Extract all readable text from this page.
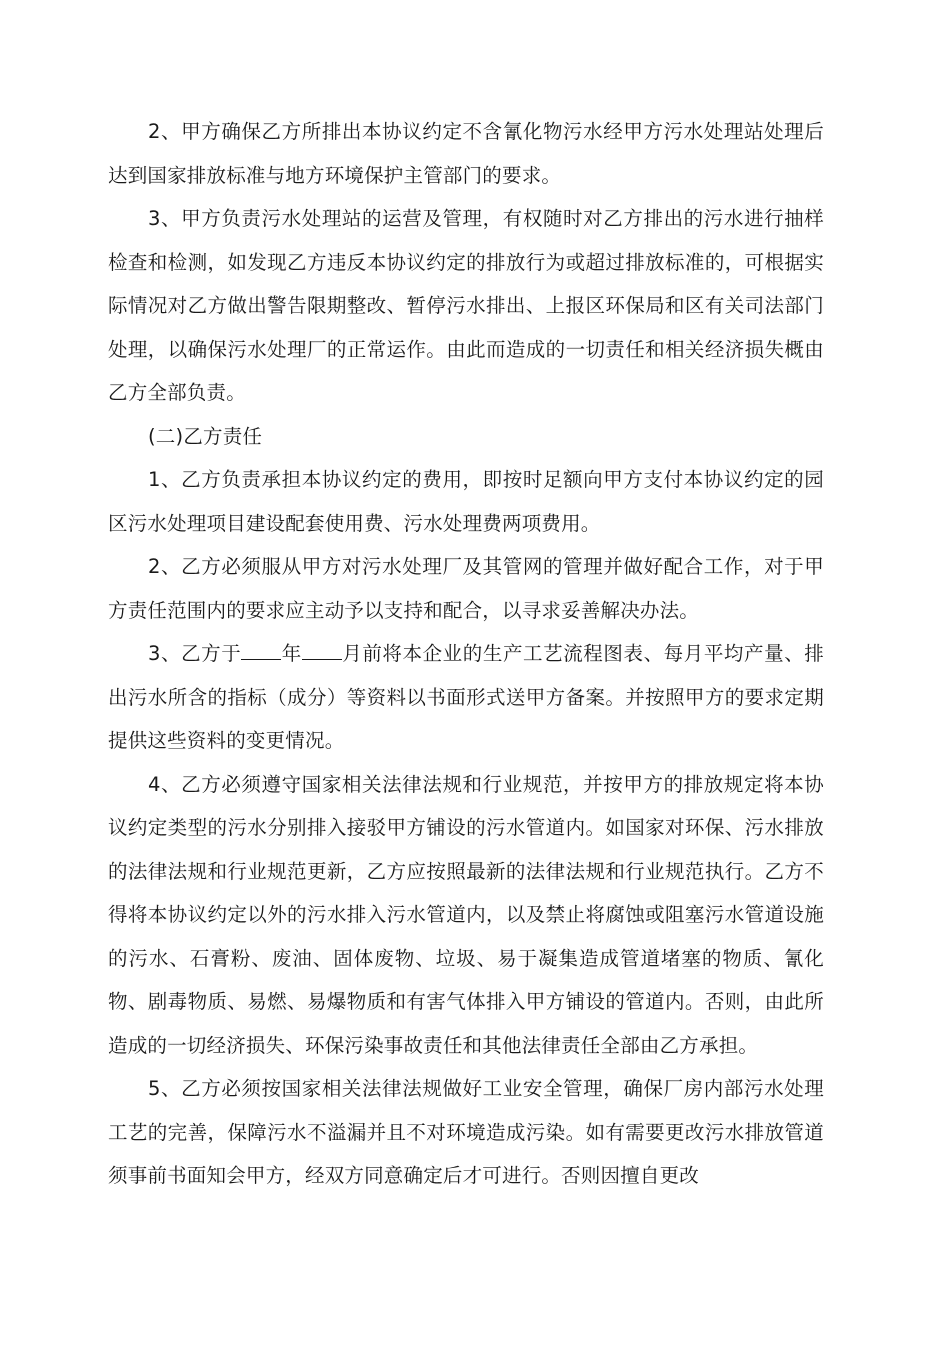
2、甲方确保乙方所排出本协议约定不含氰化物污水经甲方污水处理站处理后达到国家排放标准与地方环境保护主管部门的要求。

3、甲方负责污水处理站的运营及管理，有权随时对乙方排出的污水进行抽样检查和检测，如发现乙方违反本协议约定的排放行为或超过排放标准的，可根据实际情况对乙方做出警告限期整改、暂停污水排出、上报区环保局和区有关司法部门处理，以确保污水处理厂的正常运作。由此而造成的一切责任和相关经济损失概由乙方全部负责。

(二)乙方责任

1、乙方负责承担本协议约定的费用，即按时足额向甲方支付本协议约定的园区污水处理项目建设配套使用费、污水处理费两项费用。

2、乙方必须服从甲方对污水处理厂及其管网的管理并做好配合工作，对于甲方责任范围内的要求应主动予以支持和配合，以寻求妥善解决办法。

3、乙方于 年 月前将本企业的生产工艺流程图表、每月平均产量、排出污水所含的指标（成分）等资料以书面形式送甲方备案。并按照甲方的要求定期提供这些资料的变更情况。

4、乙方必须遵守国家相关法律法规和行业规范，并按甲方的排放规定将本协议约定类型的污水分别排入接驳甲方铺设的污水管道内。如国家对环保、污水排放的法律法规和行业规范更新，乙方应按照最新的法律法规和行业规范执行。乙方不得将本协议约定以外的污水排入污水管道内，以及禁止将腐蚀或阻塞污水管道设施的污水、石膏粉、废油、固体废物、垃圾、易于凝集造成管道堵塞的物质、氰化物、剧毒物质、易燃、易爆物质和有害气体排入甲方铺设的管道内。否则，由此所造成的一切经济损失、环保污染事故责任和其他法律责任全部由乙方承担。

5、乙方必须按国家相关法律法规做好工业安全管理，确保厂房内部污水处理工艺的完善，保障污水不溢漏并且不对环境造成污染。如有需要更改污水排放管道须事前书面知会甲方，经双方同意确定后才可进行。否则因擅自更改
